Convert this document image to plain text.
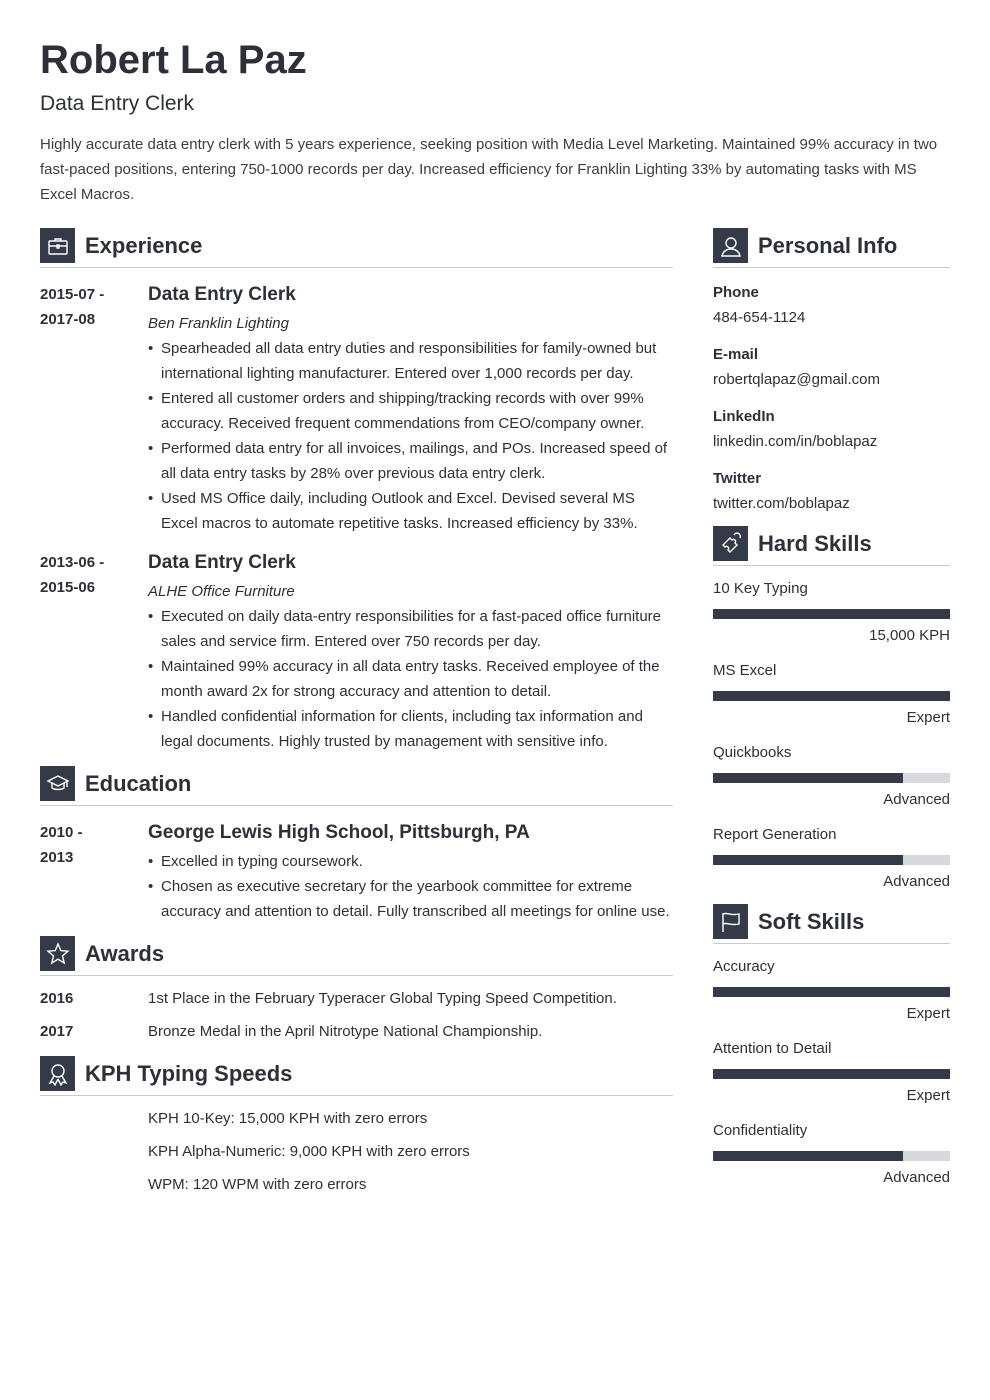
Robert La Paz
Data Entry Clerk
Highly accurate data entry clerk with 5 years experience, seeking position with Media Level Marketing. Maintained 99% accuracy in two fast-paced positions, entering 750-1000 records per day. Increased efficiency for Franklin Lighting 33% by automating tasks with MS Excel Macros.
Experience
2015-07 -
2017-08
Data Entry Clerk
Ben Franklin Lighting
• Spearheaded all data entry duties and responsibilities for family-owned but international lighting manufacturer. Entered over 1,000 records per day.
• Entered all customer orders and shipping/tracking records with over 99% accuracy. Received frequent commendations from CEO/company owner.
• Performed data entry for all invoices, mailings, and POs. Increased speed of all data entry tasks by 28% over previous data entry clerk.
• Used MS Office daily, including Outlook and Excel. Devised several MS Excel macros to automate repetitive tasks. Increased efficiency by 33%.
2013-06 -
2015-06
Data Entry Clerk
ALHE Office Furniture
• Executed on daily data-entry responsibilities for a fast-paced office furniture sales and service firm. Entered over 750 records per day.
• Maintained 99% accuracy in all data entry tasks. Received employee of the month award 2x for strong accuracy and attention to detail.
• Handled confidential information for clients, including tax information and legal documents. Highly trusted by management with sensitive info.
Education
2010 -
2013
George Lewis High School, Pittsburgh, PA
• Excelled in typing coursework.
• Chosen as executive secretary for the yearbook committee for extreme accuracy and attention to detail. Fully transcribed all meetings for online use.
Awards
2016	1st Place in the February Typeracer Global Typing Speed Competition.
2017	Bronze Medal in the April Nitrotype National Championship.
KPH Typing Speeds
KPH 10-Key: 15,000 KPH with zero errors
KPH Alpha-Numeric: 9,000 KPH with zero errors
WPM: 120 WPM with zero errors
Personal Info
Phone
484-654-1124
E-mail
robertqlapaz@gmail.com
LinkedIn
linkedin.com/in/boblapaz
Twitter
twitter.com/boblapaz
Hard Skills
10 Key Typing
15,000 KPH
MS Excel
Expert
Quickbooks
Advanced
Report Generation
Advanced
Soft Skills
Accuracy
Expert
Attention to Detail
Expert
Confidentiality
Advanced
